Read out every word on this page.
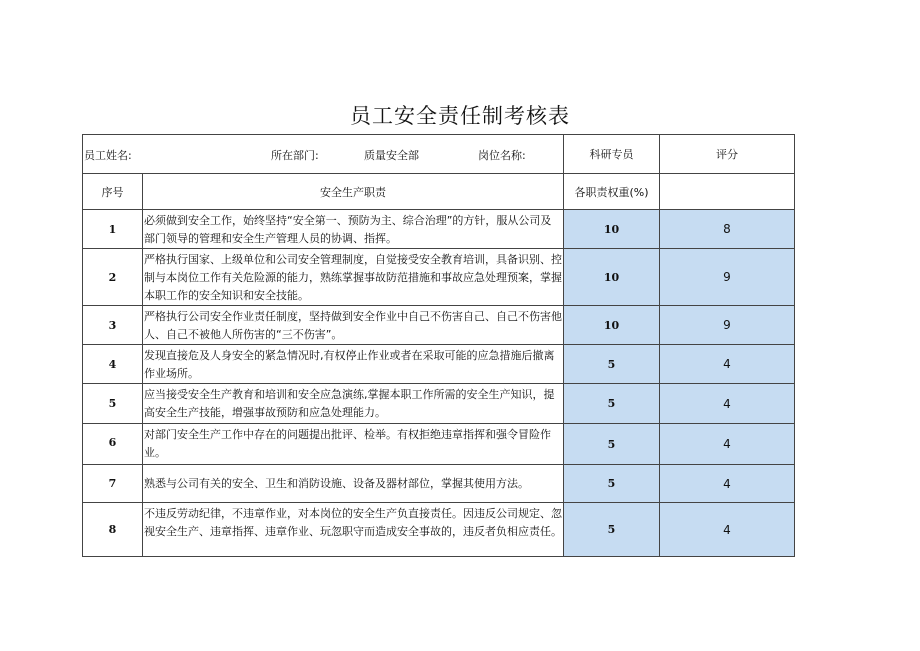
员工安全责任制考核表
员工姓名: 所在部门: 质量安全部 岗位名称:		科研专员	评分
序号	安全生产职责	各职责权重(%)	
1	必须做到安全工作，始终坚持“安全第一、预防为主、综合治理”的方针，服从公司及部门领导的管理和安全生产管理人员的协调、指挥。	10	8
2	严格执行国家、上级单位和公司安全管理制度，自觉接受安全教育培训，具备识别、控制与本岗位工作有关危险源的能力，熟练掌握事故防范措施和事故应急处理预案，掌握本职工作的安全知识和安全技能。	10	9
3	严格执行公司安全作业责任制度，坚持做到安全作业中自己不伤害自己、自己不伤害他人、自己不被他人所伤害的“三不伤害”。	10	9
4	发现直接危及人身安全的紧急情况时,有权停止作业或者在采取可能的应急措施后撤离作业场所。	5	4
5	应当接受安全生产教育和培训和安全应急演练,掌握本职工作所需的安全生产知识，提高安全生产技能，增强事故预防和应急处理能力。	5	4
6	对部门安全生产工作中存在的问题提出批评、检举。有权拒绝违章指挥和强令冒险作业。	5	4
7	熟悉与公司有关的安全、卫生和消防设施、设备及器材部位，掌握其使用方法。	5	4
8	不违反劳动纪律，不违章作业，对本岗位的安全生产负直接责任。因违反公司规定、忽视安全生产、违章指挥、违章作业、玩忽职守而造成安全事故的，违反者负相应责任。	5	4
